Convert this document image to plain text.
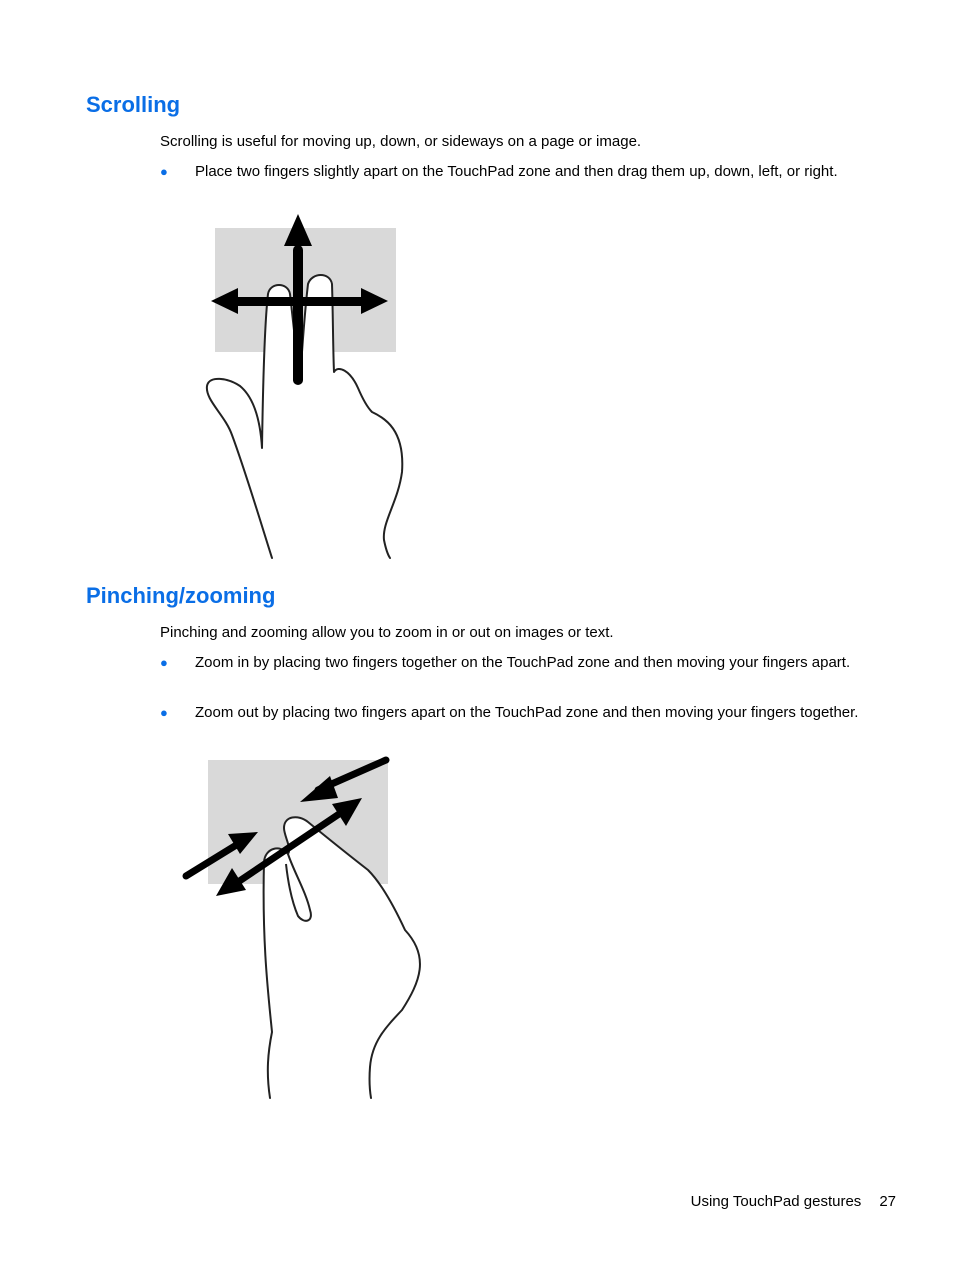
Scrolling

Scrolling is useful for moving up, down, or sideways on a page or image.

● Place two fingers slightly apart on the TouchPad zone and then drag them up, down, left, or right.
Pinching/zooming

Pinching and zooming allow you to zoom in or out on images or text.

● Zoom in by placing two fingers together on the TouchPad zone and then moving your fingers apart.
● Zoom out by placing two fingers apart on the TouchPad zone and then moving your fingers together.
Using TouchPad gestures 27
